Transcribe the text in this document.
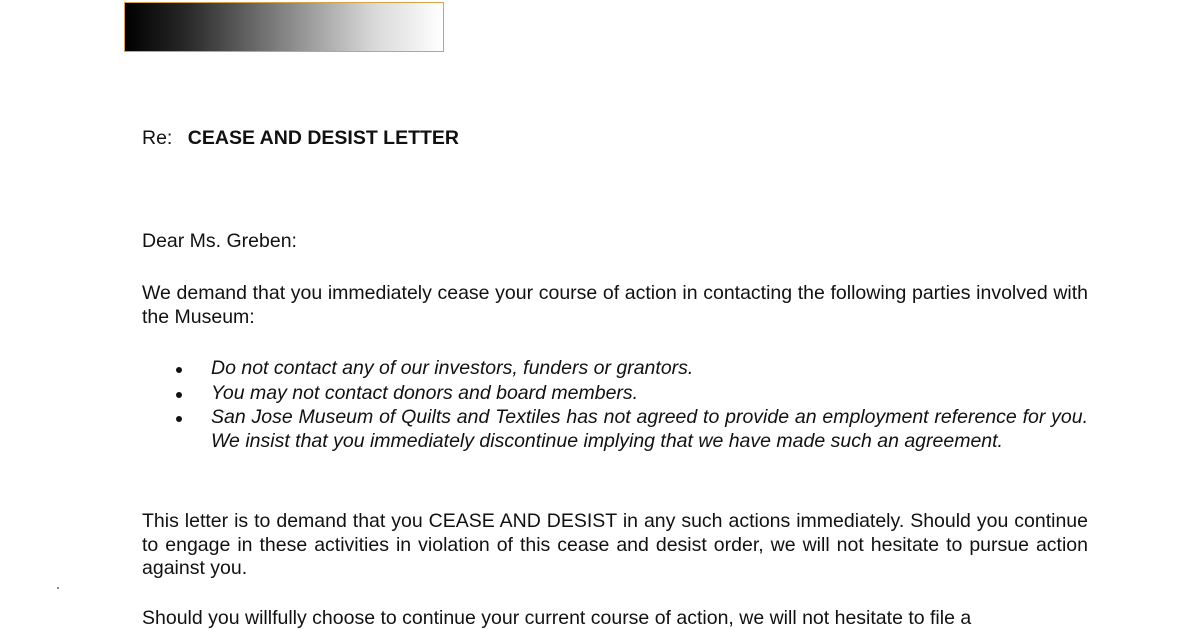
Re: CEASE AND DESIST LETTER
Dear Ms. Greben:

We demand that you immediately cease your course of action in contacting the following parties involved with the Museum:

Do not contact any of our investors, funders or grantors.
You may not contact donors and board members.
San Jose Museum of Quilts and Textiles has not agreed to provide an employment reference for you. We insist that you immediately discontinue implying that we have made such an agreement.

This letter is to demand that you CEASE AND DESIST in any such actions immediately. Should you continue to engage in these activities in violation of this cease and desist order, we will not hesitate to pursue action against you.

Should you willfully choose to continue your current course of action, we will not hesitate to file a
